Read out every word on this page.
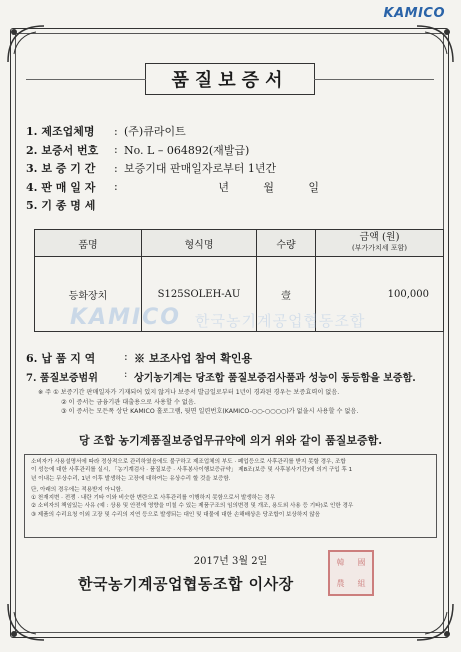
KAMICO
품질보증서
1. 제조업체명	: (주)큐라이트
2. 보증서 번호	: No. L – 064892(재발급)
3. 보 증 기 간	: 보증기대 판매일자로부터 1년간
4. 판 매 일 자	:	년	월	일
5. 기 종 명 세
품명	형식명	수량	금액 (원)
(부가가치세 포함)

등화장치	S125SOLEH-AU	壹	100,000
KAMICO 한국농기계공업협동조합
6. 납 품 지 역	: ※ 보조사업 참여 확인용
7. 품질보증범위	: 상기농기계는 당조합 품질보증검사품과 성능이 동등함을 보증함.
※ 주 ① 보증기간 판매일자가 기재되어 있지 않거나 보증서 발급일로부터 1년이 경과된 경우는 보증효력이 없음.
② 이 증서는 금융기관 대출용으로 사용할 수 없음.
③ 이 증서는 모든폭 상단 KAMICO 홀로그램, 뒷면 일련번호(KAMICO-○○-○○○○)가 없을시 사용할 수 없음.
당 조합 농기계품질보증업무규약에 의거 위와 같이 품질보증함.
소비자가 사용설명서에 따라 정상적으로 관리하였음에도 불구하고 제조업체의 부도 · 폐업등으로 사후관리를 받지 못할 경우, 조합
이 성능에 대한 사후관리를 실시, 「농기계검사 · 품질보증 · 사후봉사이행보증규약」 제8조(보증 및 사후봉사기간)에 의거 구입 후 1
년 이내는 무상수리, 1년 이후 발생하는 고장에 대하여는 유상수리 할 것을 보증함.
단, 아래의 경우에는 적용받지 아니함.
① 천재지변 · 전쟁 · 내란 기타 이와 비슷한 변란으로 사후관리를 이행하지 못함으로서 발생하는 경우
② 소비자의 책임있는 사유 (예 : 상용 및 안전에 영향을 미칠 수 있는 제품구조의 임의변경 및 개조, 용도외 사용 등 기타)로 인한 경우
③ 제품의 수리요청 이외 고장 및 수리의 지연 등으로 발생되는 대인 및 대물에 대한 손해배상은 당조합이 보상하지 않음
2017년 3월 2일
한국농기계공업협동조합 이사장
韓 國
農 組
